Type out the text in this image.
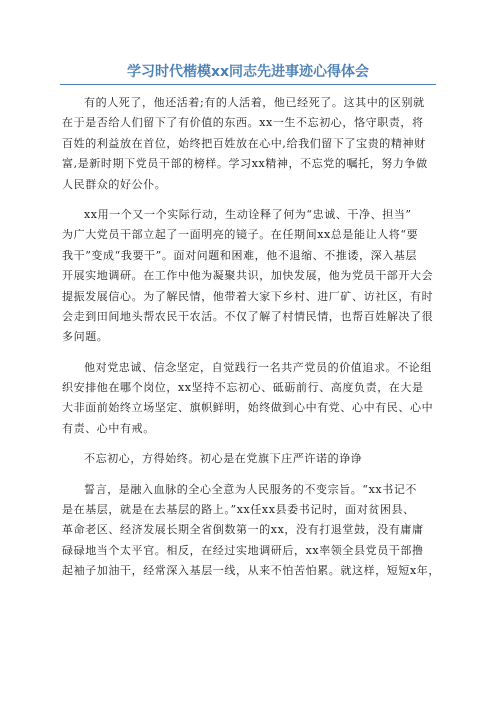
学习时代楷模xx同志先进事迹心得体会
有的人死了，他还活着;有的人活着，他已经死了。这其中的区别就
在于是否给人们留下了有价值的东西。xx一生不忘初心，恪守职责，将
百姓的利益放在首位，始终把百姓放在心中,给我们留下了宝贵的精神财
富,是新时期下党员干部的榜样。学习xx精神，不忘党的嘱托，努力争做
人民群众的好公仆。
xx用一个又一个实际行动，生动诠释了何为“忠诚、干净、担当”
为广大党员干部立起了一面明亮的镜子。在任期间xx总是能让人将“要
我干”变成“我要干”。面对问题和困难，他不退缩、不推诿，深入基层
开展实地调研。在工作中他为凝聚共识，加快发展，他为党员干部开大会
提振发展信心。为了解民情，他带着大家下乡村、进厂矿、访社区，有时
会走到田间地头帮农民干农活。不仅了解了村情民情，也帮百姓解决了很
多问题。
他对党忠诚、信念坚定，自觉践行一名共产党员的价值追求。不论组
织安排他在哪个岗位，xx坚持不忘初心、砥砺前行、高度负责，在大是
大非面前始终立场坚定、旗帜鲜明，始终做到心中有党、心中有民、心中
有责、心中有戒。
不忘初心，方得始终。初心是在党旗下庄严许诺的诤诤
誓言，是融入血脉的全心全意为人民服务的不变宗旨。“xx书记不
是在基层，就是在去基层的路上。”xx任xx县委书记时，面对贫困县、
革命老区、经济发展长期全省倒数第一的xx，没有打退堂鼓，没有庸庸
碌碌地当个太平官。相反，在经过实地调研后，xx率领全县党员干部撸
起袖子加油干，经常深入基层一线，从来不怕苦怕累。就这样，短短x年，
